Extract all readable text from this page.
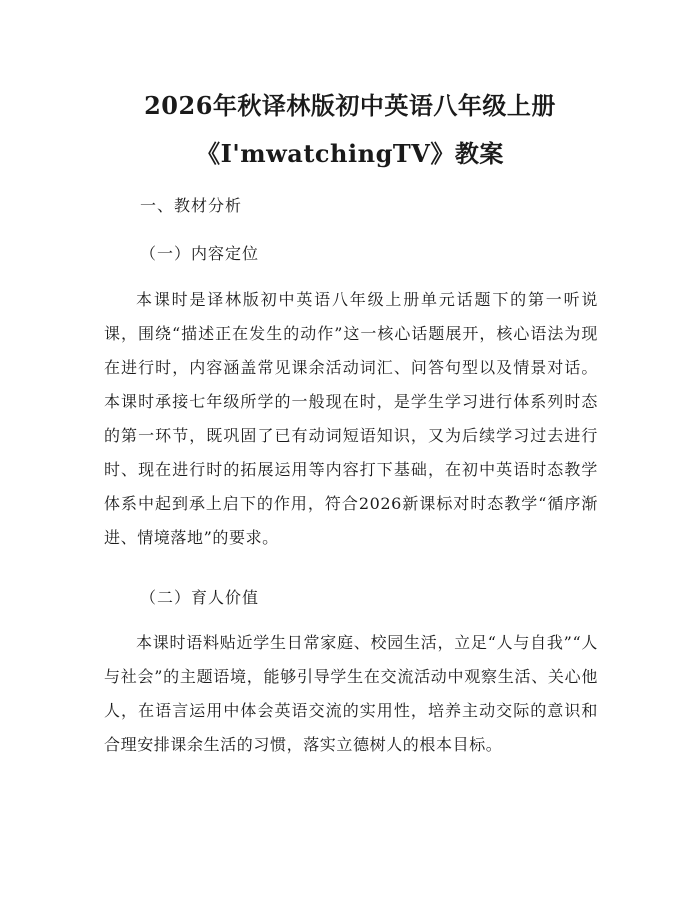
2026年秋译林版初中英语八年级上册
《I'mwatchingTV》教案
一、教材分析
（一）内容定位

本课时是译林版初中英语八年级上册单元话题下的第一听说课，围绕“描述正在发生的动作”这一核心话题展开，核心语法为现在进行时，内容涵盖常见课余活动词汇、问答句型以及情景对话。本课时承接七年级所学的一般现在时，是学生学习进行体系列时态的第一环节，既巩固了已有动词短语知识，又为后续学习过去进行时、现在进行时的拓展运用等内容打下基础，在初中英语时态教学体系中起到承上启下的作用，符合2026新课标对时态教学“循序渐进、情境落地”的要求。

（二）育人价值

本课时语料贴近学生日常家庭、校园生活，立足“人与自我”“人与社会”的主题语境，能够引导学生在交流活动中观察生活、关心他人，在语言运用中体会英语交流的实用性，培养主动交际的意识和合理安排课余生活的习惯，落实立德树人的根本目标。
